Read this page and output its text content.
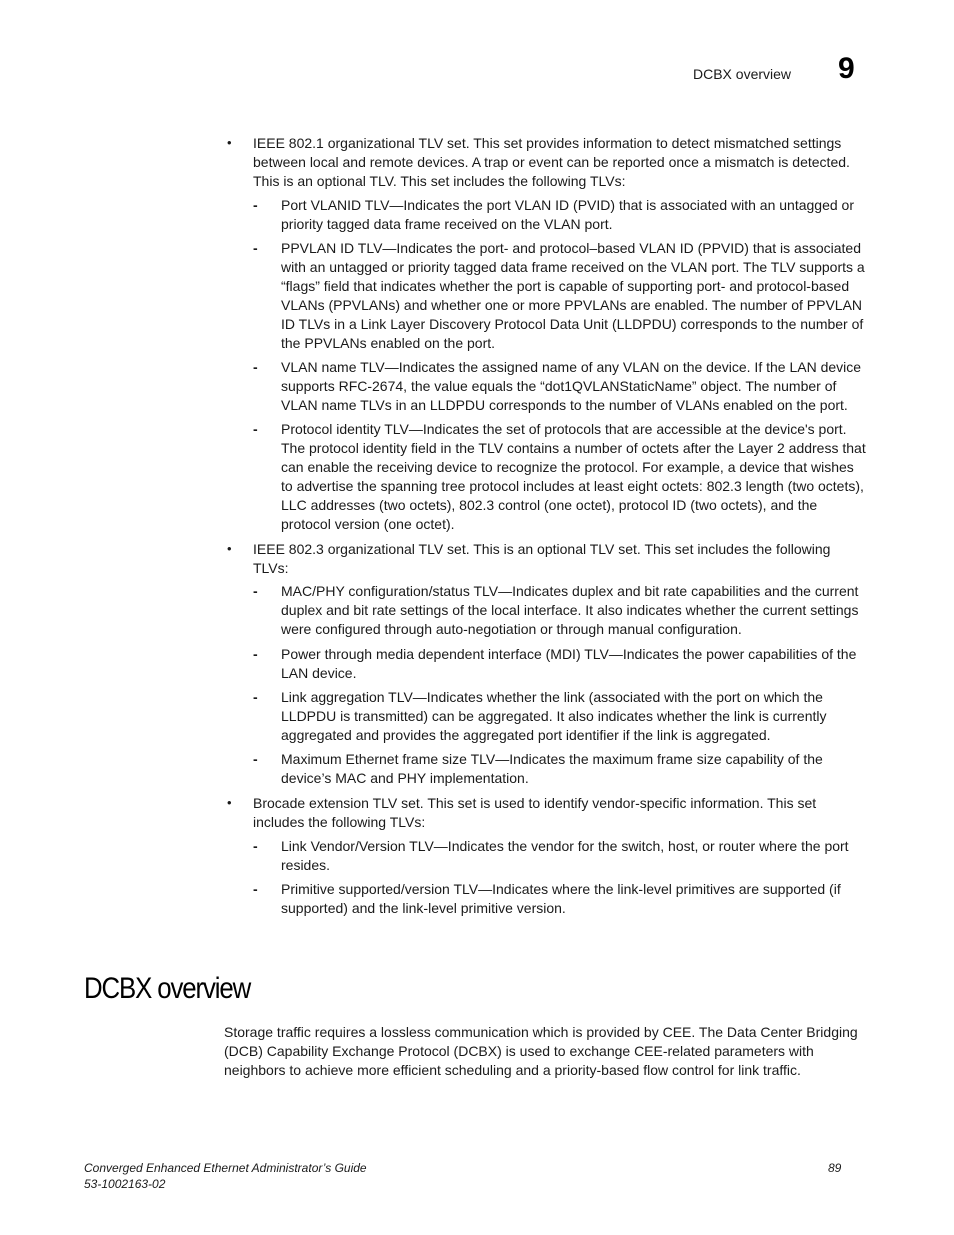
DCBX overview 9
•	IEEE 802.1 organizational TLV set. This set provides information to detect mismatched settings between local and remote devices. A trap or event can be reported once a mismatch is detected. This is an optional TLV. This set includes the following TLVs:
- Port VLANID TLV—Indicates the port VLAN ID (PVID) that is associated with an untagged or priority tagged data frame received on the VLAN port.
- PPVLAN ID TLV—Indicates the port- and protocol–based VLAN ID (PPVID) that is associated with an untagged or priority tagged data frame received on the VLAN port. The TLV supports a “flags” field that indicates whether the port is capable of supporting port- and protocol-based VLANs (PPVLANs) and whether one or more PPVLANs are enabled. The number of PPVLAN ID TLVs in a Link Layer Discovery Protocol Data Unit (LLDPDU) corresponds to the number of the PPVLANs enabled on the port.
- VLAN name TLV—Indicates the assigned name of any VLAN on the device. If the LAN device supports RFC-2674, the value equals the “dot1QVLANStaticName” object. The number of VLAN name TLVs in an LLDPDU corresponds to the number of VLANs enabled on the port.
- Protocol identity TLV—Indicates the set of protocols that are accessible at the device's port. The protocol identity field in the TLV contains a number of octets after the Layer 2 address that can enable the receiving device to recognize the protocol. For example, a device that wishes to advertise the spanning tree protocol includes at least eight octets: 802.3 length (two octets), LLC addresses (two octets), 802.3 control (one octet), protocol ID (two octets), and the protocol version (one octet).
•	IEEE 802.3 organizational TLV set. This is an optional TLV set. This set includes the following TLVs:
- MAC/PHY configuration/status TLV—Indicates duplex and bit rate capabilities and the current duplex and bit rate settings of the local interface. It also indicates whether the current settings were configured through auto-negotiation or through manual configuration.
- Power through media dependent interface (MDI) TLV—Indicates the power capabilities of the LAN device.
- Link aggregation TLV—Indicates whether the link (associated with the port on which the LLDPDU is transmitted) can be aggregated. It also indicates whether the link is currently aggregated and provides the aggregated port identifier if the link is aggregated.
- Maximum Ethernet frame size TLV—Indicates the maximum frame size capability of the device’s MAC and PHY implementation.
•	Brocade extension TLV set. This set is used to identify vendor-specific information. This set includes the following TLVs:
- Link Vendor/Version TLV—Indicates the vendor for the switch, host, or router where the port resides.
- Primitive supported/version TLV—Indicates where the link-level primitives are supported (if supported) and the link-level primitive version.
DCBX overview

Storage traffic requires a lossless communication which is provided by CEE. The Data Center Bridging (DCB) Capability Exchange Protocol (DCBX) is used to exchange CEE-related parameters with neighbors to achieve more efficient scheduling and a priority-based flow control for link traffic.

Converged Enhanced Ethernet Administrator’s Guide
53-1002163-02
89
